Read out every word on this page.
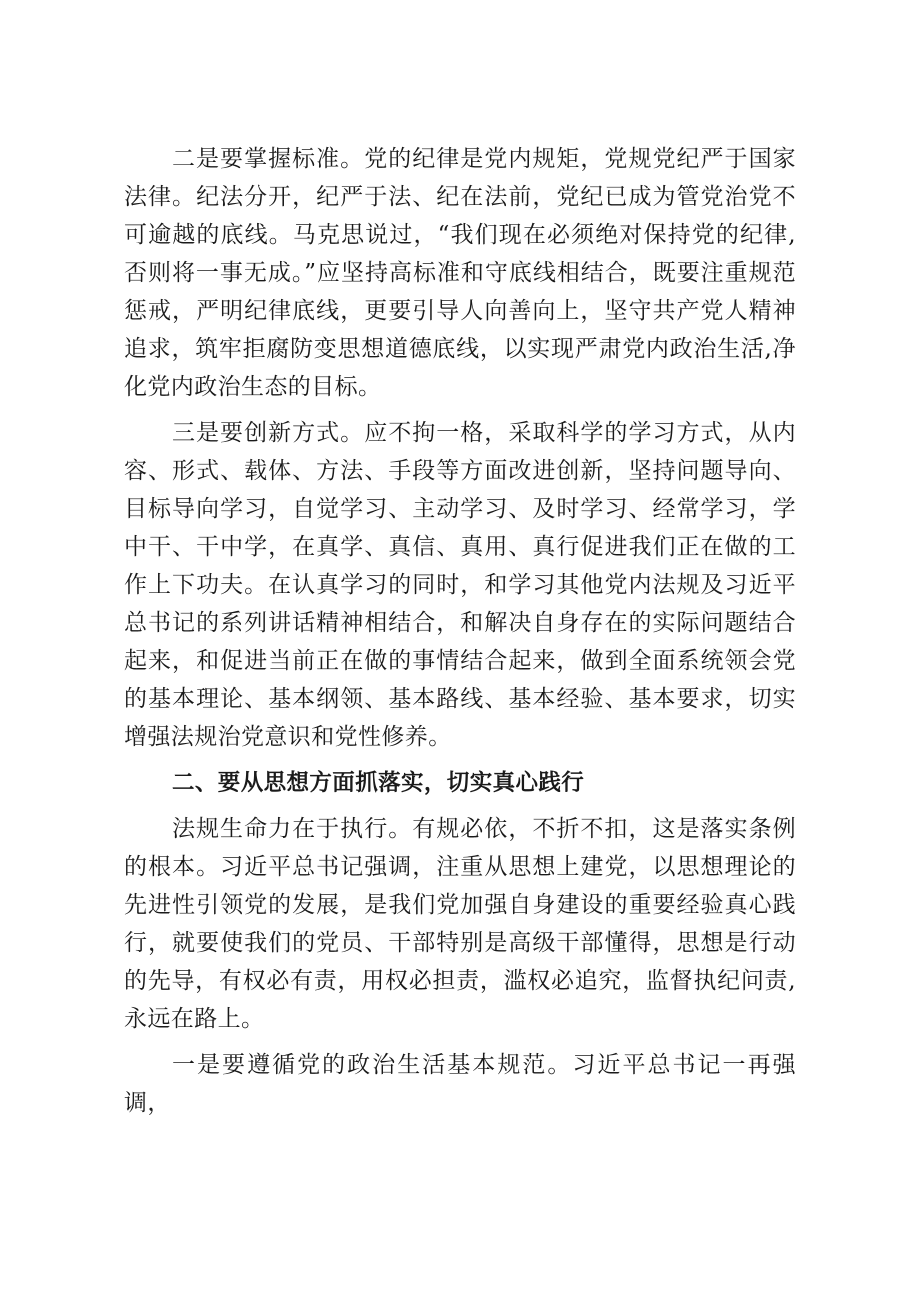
二是要掌握标准。党的纪律是党内规矩，党规党纪严于国家法律。纪法分开，纪严于法、纪在法前，党纪已成为管党治党不可逾越的底线。马克思说过，“我们现在必须绝对保持党的纪律,否则将一事无成。”应坚持高标准和守底线相结合，既要注重规范惩戒，严明纪律底线，更要引导人向善向上，坚守共产党人精神追求，筑牢拒腐防变思想道德底线，以实现严肃党内政治生活,净化党内政治生态的目标。

三是要创新方式。应不拘一格，采取科学的学习方式，从内容、形式、载体、方法、手段等方面改进创新，坚持问题导向、目标导向学习，自觉学习、主动学习、及时学习、经常学习，学中干、干中学，在真学、真信、真用、真行促进我们正在做的工作上下功夫。在认真学习的同时，和学习其他党内法规及习近平总书记的系列讲话精神相结合，和解决自身存在的实际问题结合起来，和促进当前正在做的事情结合起来，做到全面系统领会党的基本理论、基本纲领、基本路线、基本经验、基本要求，切实增强法规治党意识和党性修养。

二、要从思想方面抓落实，切实真心践行

法规生命力在于执行。有规必依，不折不扣，这是落实条例的根本。习近平总书记强调，注重从思想上建党，以思想理论的先进性引领党的发展，是我们党加强自身建设的重要经验真心践行，就要使我们的党员、干部特别是高级干部懂得，思想是行动的先导，有权必有责，用权必担责，滥权必追究，监督执纪问责,永远在路上。

一是要遵循党的政治生活基本规范。习近平总书记一再强调，
